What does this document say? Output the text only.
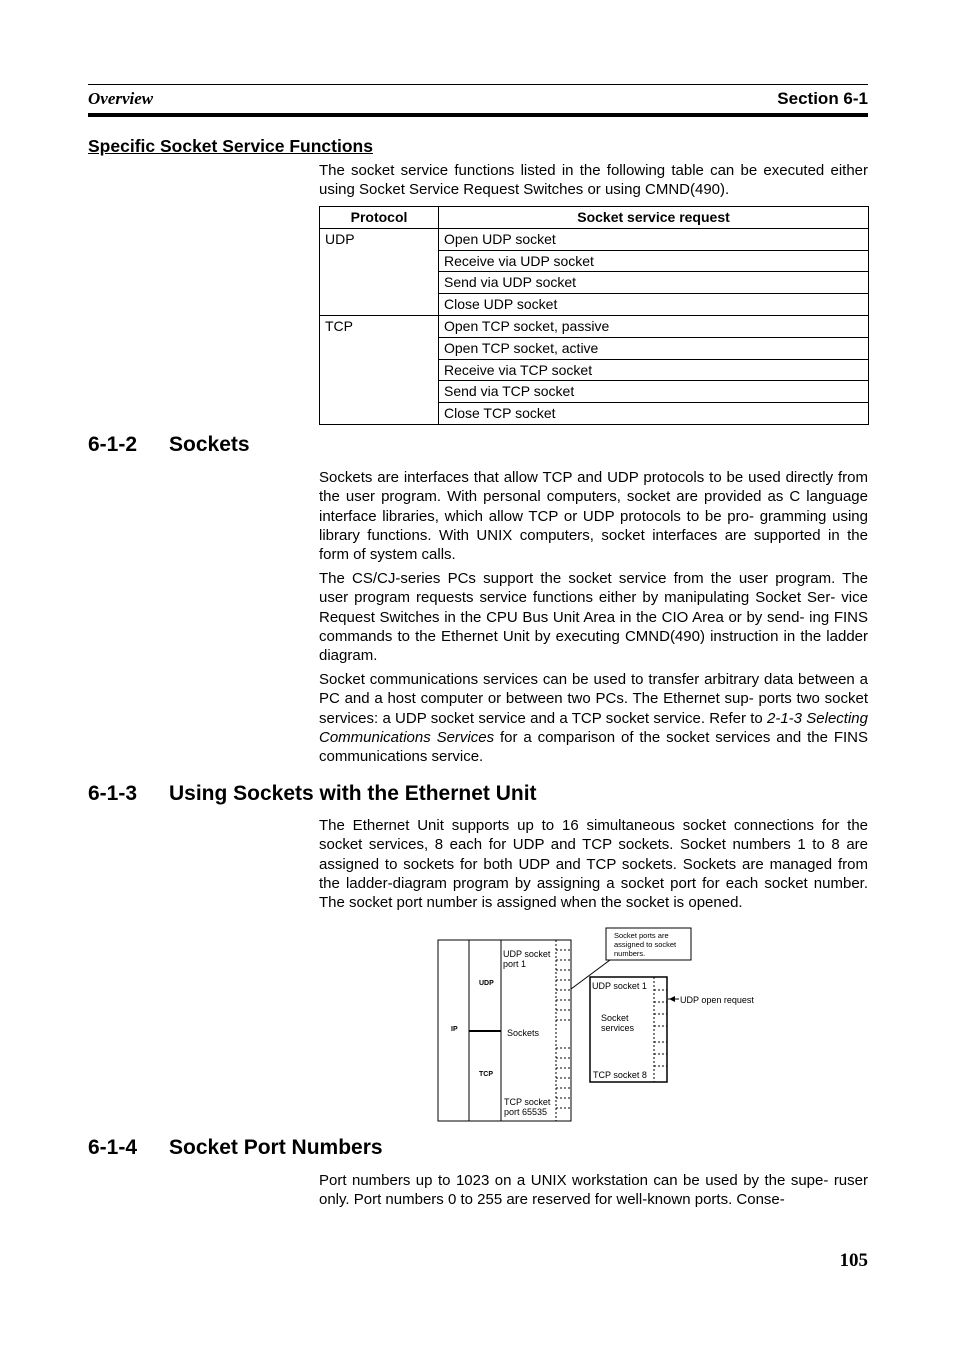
Overview	Section 6-1
Specific Socket Service Functions
The socket service functions listed in the following table can be executed either using Socket Service Request Switches or using CMND(490).
Protocol	Socket service request
UDP	Open UDP socket
	Receive via UDP socket
	Send via UDP socket
	Close UDP socket
TCP	Open TCP socket, passive
	Open TCP socket, active
	Receive via TCP socket
	Send via TCP socket
	Close TCP socket
6-1-2 Sockets
Sockets are interfaces that allow TCP and UDP protocols to be used directly from the user program. With personal computers, socket are provided as C language interface libraries, which allow TCP or UDP protocols to be pro- gramming using library functions. With UNIX computers, socket interfaces are supported in the form of system calls.
The CS/CJ-series PCs support the socket service from the user program. The user program requests service functions either by manipulating Socket Ser- vice Request Switches in the CPU Bus Unit Area in the CIO Area or by send- ing FINS commands to the Ethernet Unit by executing CMND(490) instruction in the ladder diagram.
Socket communications services can be used to transfer arbitrary data between a PC and a host computer or between two PCs. The Ethernet sup- ports two socket services: a UDP socket service and a TCP socket service. Refer to 2-1-3 Selecting Communications Services for a comparison of the socket services and the FINS communications service.
6-1-3 Using Sockets with the Ethernet Unit
The Ethernet Unit supports up to 16 simultaneous socket connections for the socket services, 8 each for UDP and TCP sockets. Socket numbers 1 to 8 are assigned to sockets for both UDP and TCP sockets. Sockets are managed from the ladder-diagram program by assigning a socket port for each socket number. The socket port number is assigned when the socket is opened.
Socket ports are
assigned to socket
numbers.
UDP socket
port 1
UDP
IP	Sockets
TCP
TCP socket
port 65535
UDP socket 1
Socket
services
TCP socket 8
UDP open request
6-1-4 Socket Port Numbers
Port numbers up to 1023 on a UNIX workstation can be used by the supe- ruser only. Port numbers 0 to 255 are reserved for well-known ports. Conse-
105
